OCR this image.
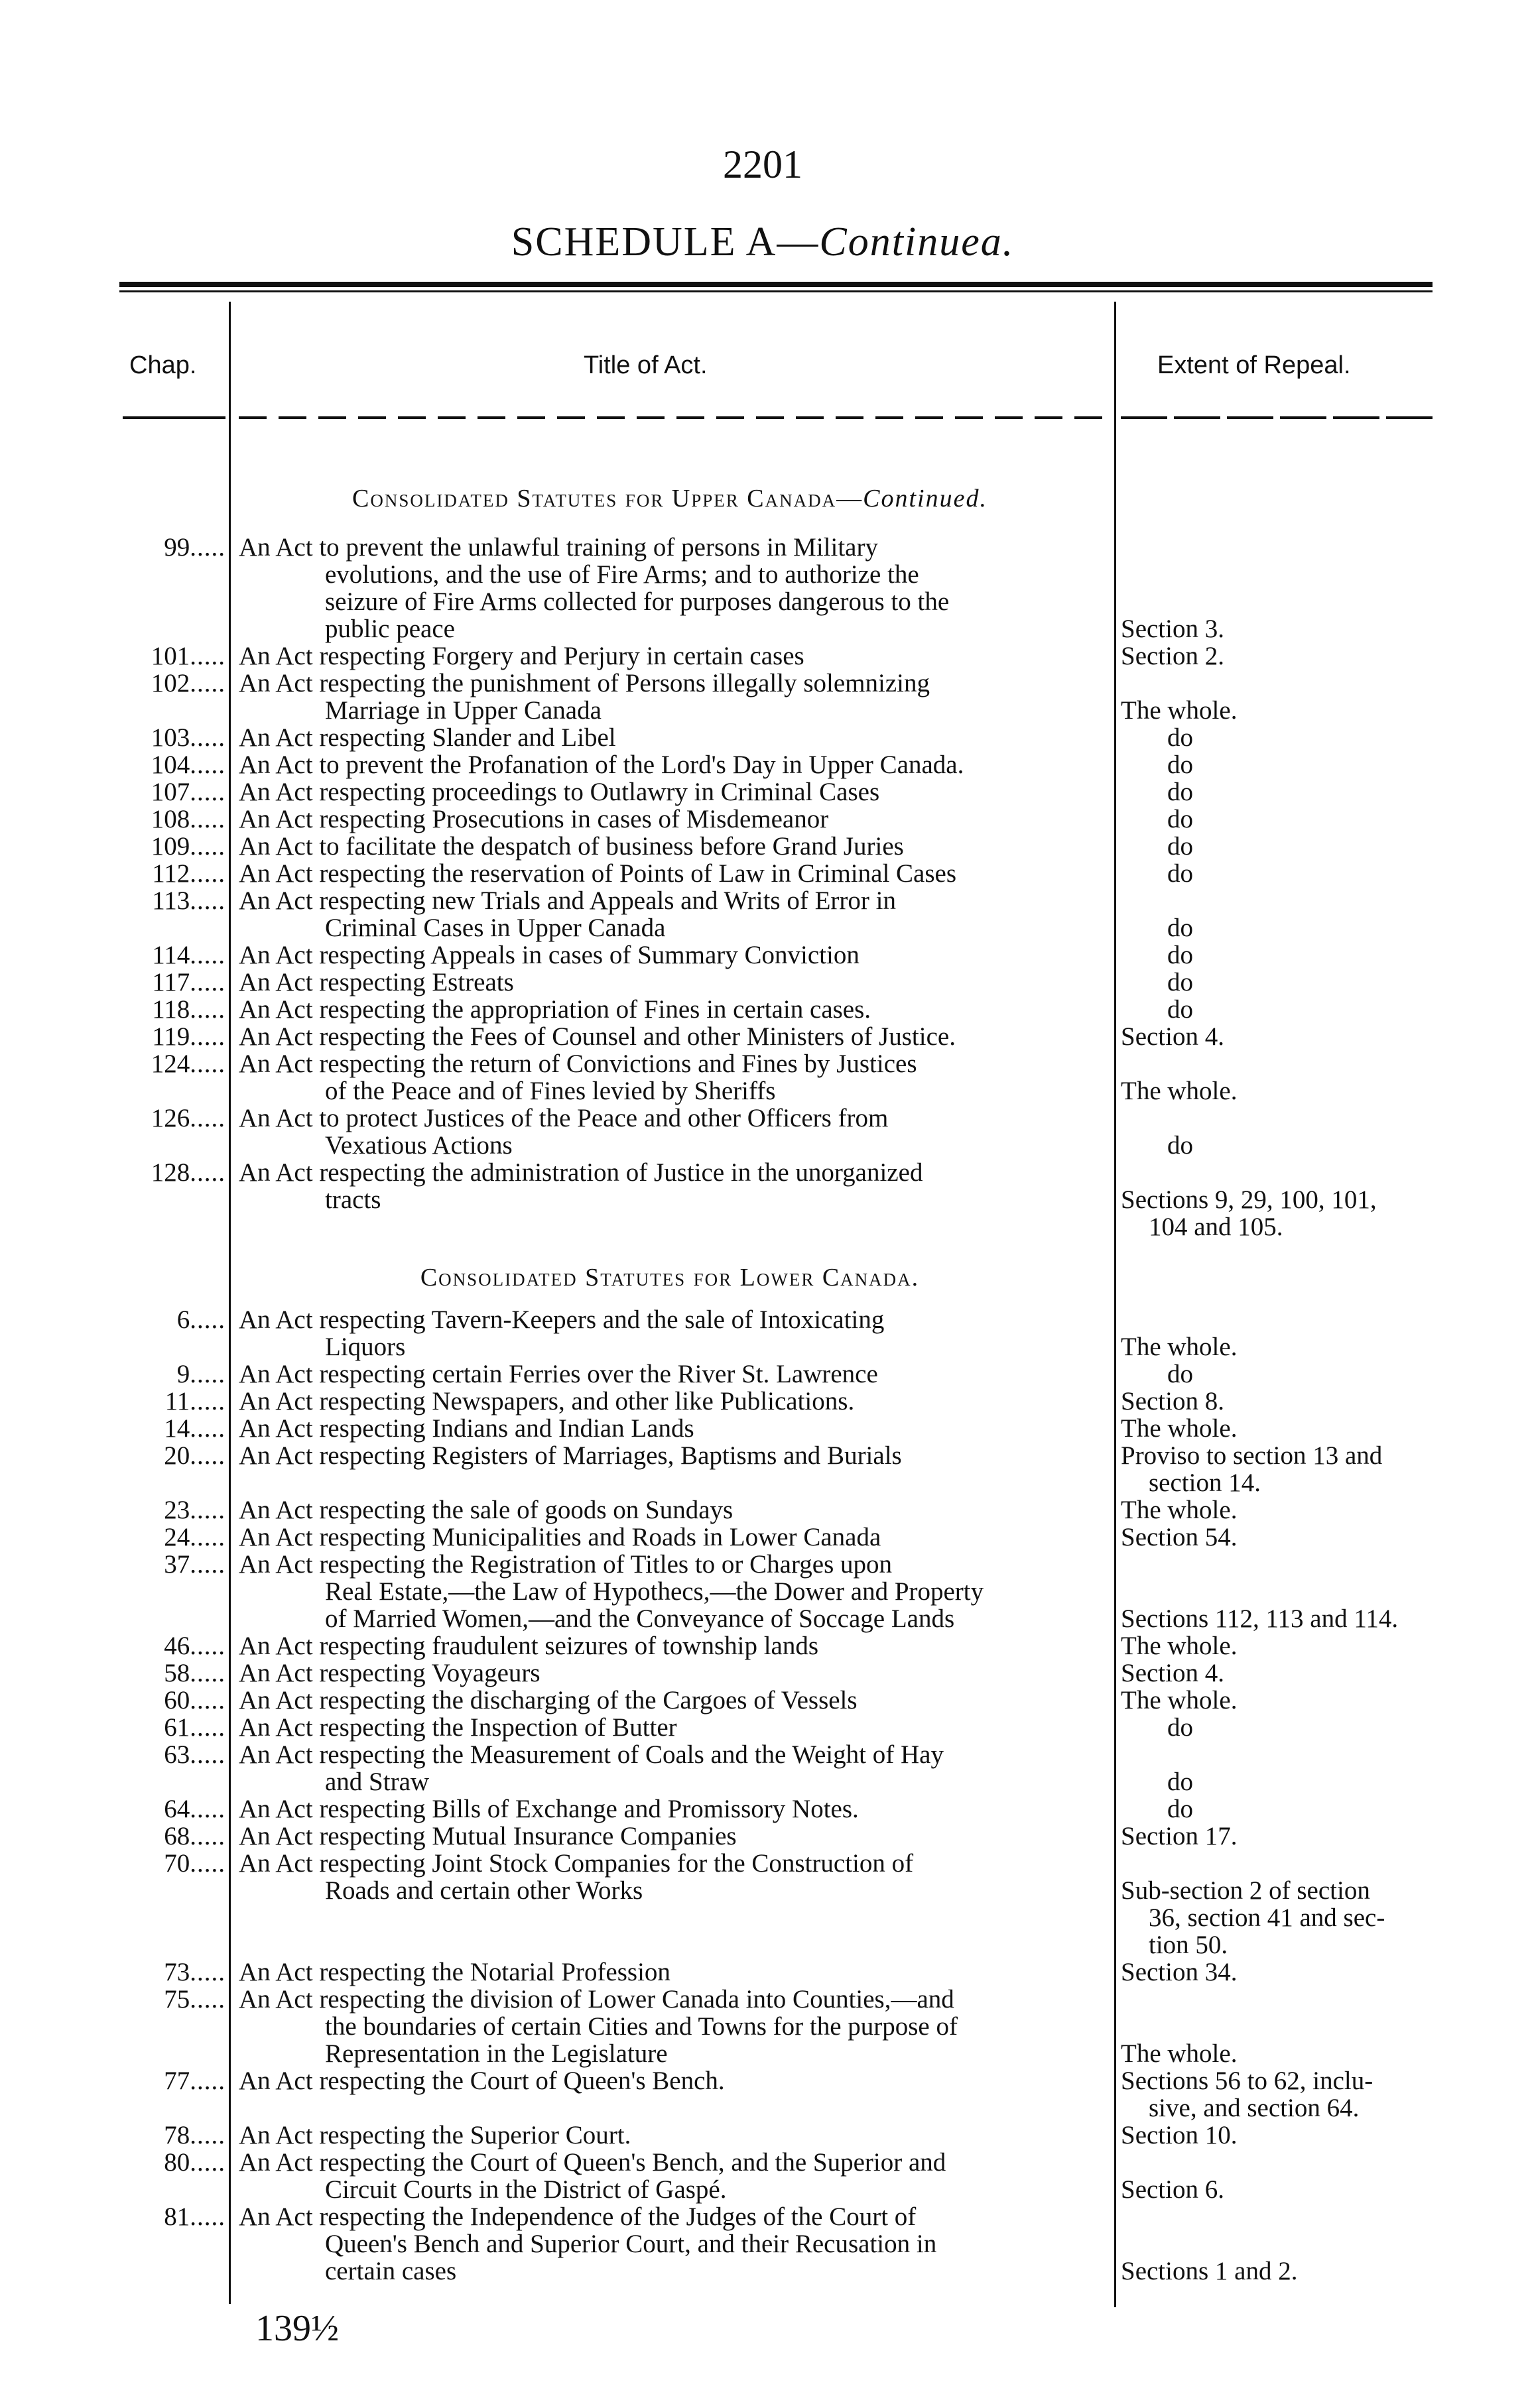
2201
SCHEDULE A—Continuea.
Chap.	Title of Act.	Extent of Repeal.
Consolidated Statutes for Upper Canada—Continued.
Consolidated Statutes for Lower Canada.
99..... An Act to prevent the unlawful training of persons in Military

evolutions, and the use of Fire Arms; and to authorize the
seizure of Fire Arms collected for purposes dangerous to the
public peace	Section 3.
101..... An Act respecting Forgery and Perjury in certain cases	Section 2.
102..... An Act respecting the punishment of Persons illegally solemnizing

Marriage in Upper Canada	The whole.
103..... An Act respecting Slander and Libel	do
104..... An Act to prevent the Profanation of the Lord's Day in Upper Canada.	do
107..... An Act respecting proceedings to Outlawry in Criminal Cases	do
108..... An Act respecting Prosecutions in cases of Misdemeanor	do
109..... An Act to facilitate the despatch of business before Grand Juries	do
112..... An Act respecting the reservation of Points of Law in Criminal Cases	do
113..... An Act respecting new Trials and Appeals and Writs of Error in

Criminal Cases in Upper Canada	do
114..... An Act respecting Appeals in cases of Summary Conviction	do
117..... An Act respecting Estreats	do
118..... An Act respecting the appropriation of Fines in certain cases.	do
119..... An Act respecting the Fees of Counsel and other Ministers of Justice.	Section 4.
124..... An Act respecting the return of Convictions and Fines by Justices

of the Peace and of Fines levied by Sheriffs	The whole.
126..... An Act to protect Justices of the Peace and other Officers from

Vexatious Actions	do
128..... An Act respecting the administration of Justice in the unorganized

tracts	Sections 9, 29, 100, 101,
104 and 105.
6..... An Act respecting Tavern-Keepers and the sale of Intoxicating

Liquors	The whole.
9..... An Act respecting certain Ferries over the River St. Lawrence	do
11..... An Act respecting Newspapers, and other like Publications.	Section 8.
14..... An Act respecting Indians and Indian Lands	The whole.
20..... An Act respecting Registers of Marriages, Baptisms and Burials	Proviso to section 13 and
section 14.
23..... An Act respecting the sale of goods on Sundays	The whole.
24..... An Act respecting Municipalities and Roads in Lower Canada	Section 54.
37..... An Act respecting the Registration of Titles to or Charges upon

Real Estate,—the Law of Hypothecs,—the Dower and Property
of Married Women,—and the Conveyance of Soccage Lands	Sections 112, 113 and 114.
46..... An Act respecting fraudulent seizures of township lands	The whole.
58..... An Act respecting Voyageurs	Section 4.
60..... An Act respecting the discharging of the Cargoes of Vessels	The whole.
61..... An Act respecting the Inspection of Butter	do
63..... An Act respecting the Measurement of Coals and the Weight of Hay

and Straw	do
64..... An Act respecting Bills of Exchange and Promissory Notes.	do
68..... An Act respecting Mutual Insurance Companies	Section 17.
70..... An Act respecting Joint Stock Companies for the Construction of

Roads and certain other Works	Sub-section 2 of section
36, section 41 and sec-
tion 50.
73..... An Act respecting the Notarial Profession	Section 34.
75..... An Act respecting the division of Lower Canada into Counties,—and

the boundaries of certain Cities and Towns for the purpose of
Representation in the Legislature	The whole.
77..... An Act respecting the Court of Queen's Bench.	Sections 56 to 62, inclu-
sive, and section 64.
78..... An Act respecting the Superior Court.	Section 10.
80..... An Act respecting the Court of Queen's Bench, and the Superior and

Circuit Courts in the District of Gaspé.	Section 6.
81..... An Act respecting the Independence of the Judges of the Court of

Queen's Bench and Superior Court, and their Recusation in
certain cases	Sections 1 and 2.
139½
